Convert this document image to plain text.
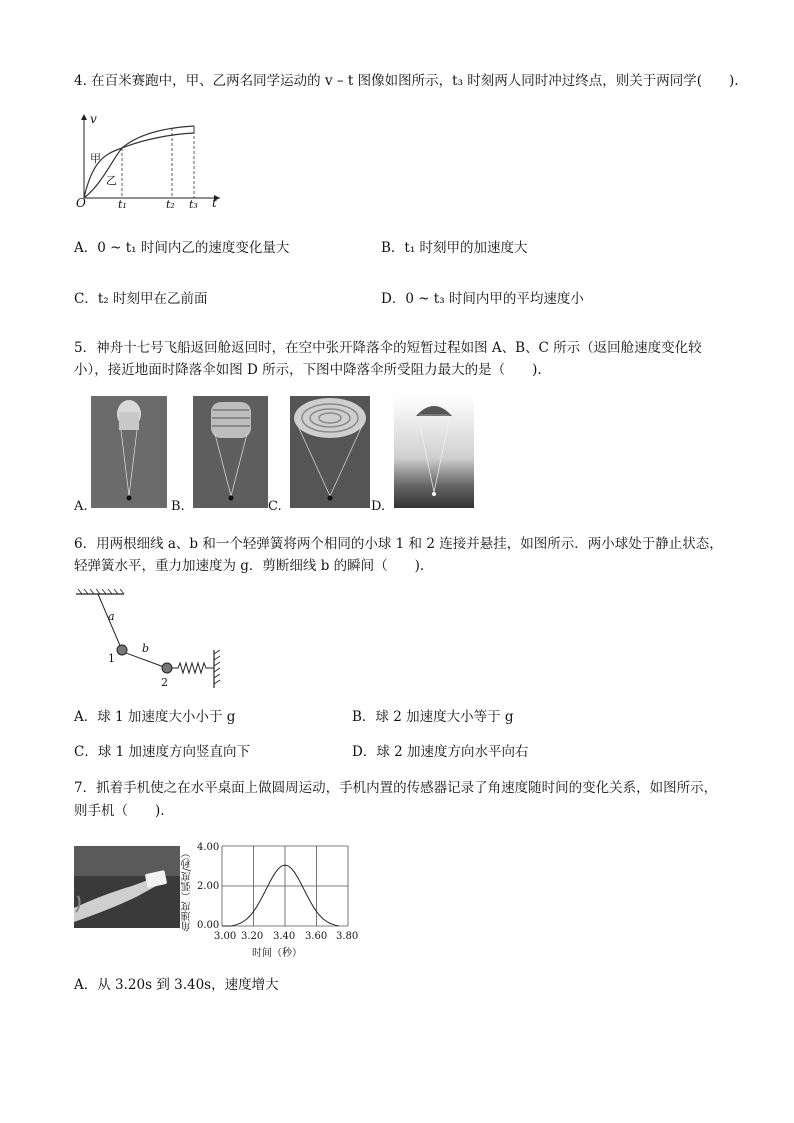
4. 在百米赛跑中，甲、乙两名同学运动的 v – t 图像如图所示，t₃ 时刻两人同时冲过终点，则关于两同学(　　).
v
t
O
甲
乙
t₁	t₂ t₃
A．0 ~ t₁ 时间内乙的速度变化量大	B．t₁ 时刻甲的加速度大
C．t₂ 时刻甲在乙前面	D．0 ~ t₃ 时间内甲的平均速度小
5．神舟十七号飞船返回舱返回时，在空中张开降落伞的短暂过程如图 A、B、C 所示（返回舱速度变化较
小），接近地面时降落伞如图 D 所示，下图中降落伞所受阻力最大的是（　　).
A.	B.	C.	D.
6．用两根细线 a、b 和一个轻弹簧将两个相同的小球 1 和 2 连接并悬挂，如图所示．两小球处于静止状态，
轻弹簧水平，重力加速度为 g．剪断细线 b 的瞬间（　　).
a
b
1
2
A．球 1 加速度大小小于 g	B．球 2 加速度大小等于 g
C．球 1 加速度方向竖直向下	D．球 2 加速度方向水平向右
7．抓着手机使之在水平桌面上做圆周运动，手机内置的传感器记录了角速度随时间的变化关系，如图所示，
则手机（　　).
角速度（弧度/秒）
4.00
2.00
0.00
3.00 3.20 3.40 3.60 3.80
时间（秒）
A．从 3.20s 到 3.40s，速度增大
